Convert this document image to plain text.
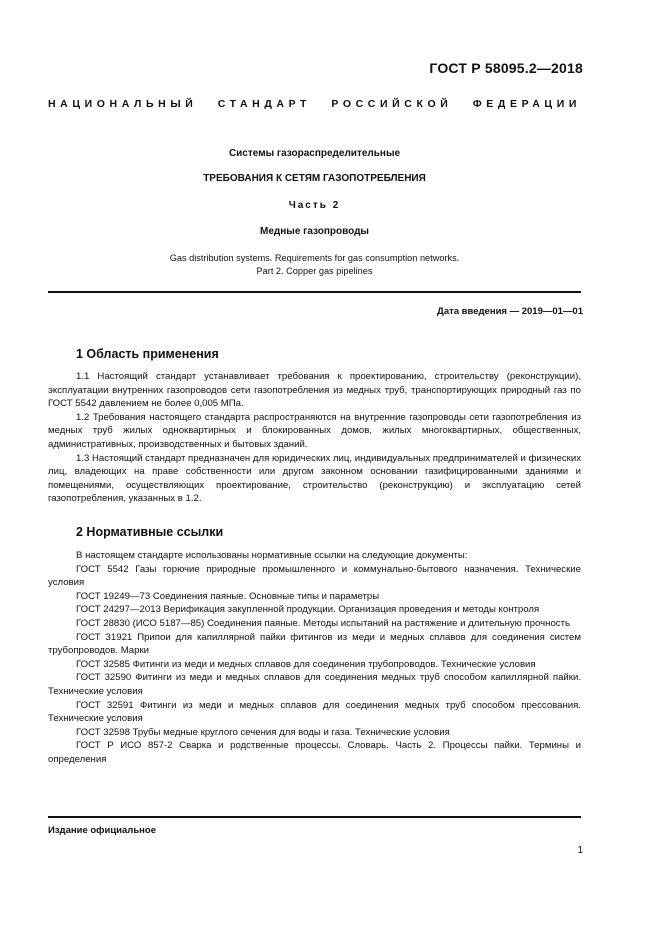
ГОСТ Р 58095.2—2018
НАЦИОНАЛЬНЫЙ СТАНДАРТ РОССИЙСКОЙ ФЕДЕРАЦИИ
Системы газораспределительные
ТРЕБОВАНИЯ К СЕТЯМ ГАЗОПОТРЕБЛЕНИЯ
Часть 2
Медные газопроводы
Gas distribution systems. Requirements for gas consumption networks.
Part 2. Copper gas pipelines
Дата введения — 2019—01—01
1 Область применения

1.1 Настоящий стандарт устанавливает требования к проектированию, строительству (реконструкции), эксплуатации внутренних газопроводов сети газопотребления из медных труб, транспортирующих природный газ по ГОСТ 5542 давлением не более 0,005 МПа.

1.2 Требования настоящего стандарта распространяются на внутренние газопроводы сети газопотребления из медных труб жилых одноквартирных и блокированных домов, жилых многоквартирных, общественных, административных, производственных и бытовых зданий.

1.3 Настоящий стандарт предназначен для юридических лиц, индивидуальных предпринимателей и физических лиц, владеющих на праве собственности или другом законном основании газифицированными зданиями и помещениями, осуществляющих проектирование, строительство (реконструкцию) и эксплуатацию сетей газопотребления, указанных в 1.2.

2 Нормативные ссылки

В настоящем стандарте использованы нормативные ссылки на следующие документы:

ГОСТ 5542 Газы горючие природные промышленного и коммунально-бытового назначения. Технические условия

ГОСТ 19249—73 Соединения паяные. Основные типы и параметры

ГОСТ 24297—2013 Верификация закупленной продукции. Организация проведения и методы контроля

ГОСТ 28830 (ИСО 5187—85) Соединения паяные. Методы испытаний на растяжение и длительную прочность

ГОСТ 31921 Припои для капиллярной пайки фитингов из меди и медных сплавов для соединения систем трубопроводов. Марки

ГОСТ 32585 Фитинги из меди и медных сплавов для соединения трубопроводов. Технические условия

ГОСТ 32590 Фитинги из меди и медных сплавов для соединения медных труб способом капиллярной пайки. Технические условия

ГОСТ 32591 Фитинги из меди и медных сплавов для соединения медных труб способом прессования. Технические условия

ГОСТ 32598 Трубы медные круглого сечения для воды и газа. Технические условия

ГОСТ Р ИСО 857-2 Сварка и родственные процессы. Словарь. Часть 2. Процессы пайки. Термины и определения

Издание официальное
1
